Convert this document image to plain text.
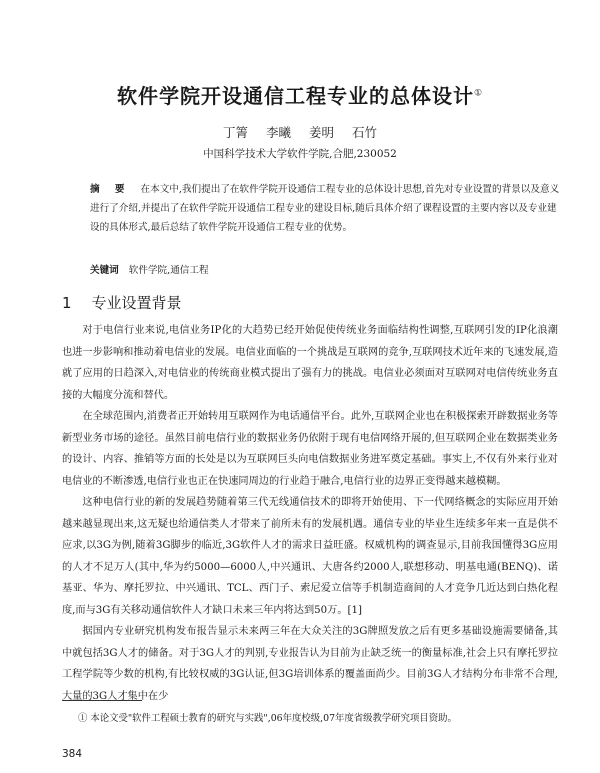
软件学院开设通信工程专业的总体设计①
丁箐 李曦 姜明 石竹
中国科学技术大学软件学院,合肥,230052
摘 要 在本文中,我们提出了在软件学院开设通信工程专业的总体设计思想,首先对专业设置的背景以及意义进行了介绍,并提出了在软件学院开设通信工程专业的建设目标,随后具体介绍了课程设置的主要内容以及专业建设的具体形式,最后总结了软件学院开设通信工程专业的优势。
关键词 软件学院,通信工程
1 专业设置背景

对于电信行业来说,电信业务IP化的大趋势已经开始促使传统业务面临结构性调整,互联网引发的IP化浪潮也进一步影响和推动着电信业的发展。电信业面临的一个挑战是互联网的竞争,互联网技术近年来的飞速发展,造就了应用的日趋深入,对电信业的传统商业模式提出了强有力的挑战。电信业必须面对互联网对电信传统业务直接的大幅度分流和替代。

在全球范围内,消费者正开始转用互联网作为电话通信平台。此外,互联网企业也在积极探索开辟数据业务等新型业务市场的途径。虽然目前电信行业的数据业务仍依附于现有电信网络开展的,但互联网企业在数据类业务的设计、内容、推销等方面的长处是以为互联网巨头向电信数据业务进军奠定基础。事实上,不仅有外来行业对电信业的不断渗透,电信行业也正在快速同周边的行业趋于融合,电信行业的边界正变得越来越模糊。

这种电信行业的新的发展趋势随着第三代无线通信技术的即将开始使用、下一代网络概念的实际应用开始越来越显现出来,这无疑也给通信类人才带来了前所未有的发展机遇。通信专业的毕业生连续多年来一直是供不应求,以3G为例,随着3G脚步的临近,3G软件人才的需求日益旺盛。权威机构的调查显示,目前我国懂得3G应用的人才不足万人(其中,华为约5000—6000人,中兴通讯、大唐各约2000人,联想移动、明基电通(BENQ)、诺基亚、华为、摩托罗拉、中兴通讯、TCL、西门子、索尼爱立信等手机制造商间的人才竞争几近达到白热化程度,而与3G有关移动通信软件人才缺口未来三年内将达到50万。[1]

据国内专业研究机构发布报告显示未来两三年在大众关注的3G牌照发放之后有更多基础设施需要储备,其中就包括3G人才的储备。对于3G人才的判别,专业报告认为目前为止缺乏统一的衡量标准,社会上只有摩托罗拉工程学院等少数的机构,有比较权威的3G认证,但3G培训体系的覆盖面尚少。目前3G人才结构分布非常不合理,大量的3G人才集中在少

① 本论文受"软件工程硕士教育的研究与实践",06年度校级,07年度省级教学研究项目资助。
384
